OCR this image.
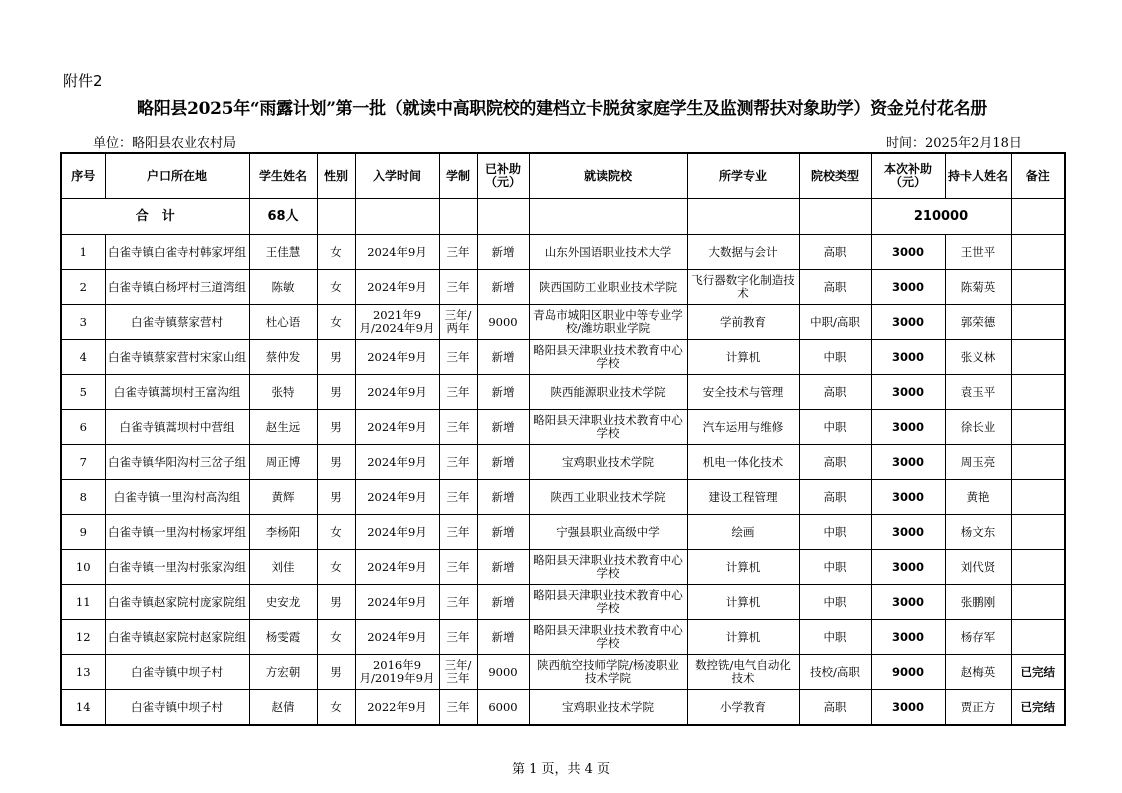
附件2
略阳县2025年“雨露计划”第一批（就读中高职院校的建档立卡脱贫家庭学生及监测帮扶对象助学）资金兑付花名册
单位：略阳县农业农村局	时间：2025年2月18日
序号	户口所在地	学生姓名	性别	入学时间	学制	已补助（元）	就读院校	所学专业	院校类型	本次补助（元）	持卡人姓名	备注
合　计		68人								210000		
1	白雀寺镇白雀寺村韩家坪组	王佳慧	女	2024年9月	三年	新增	山东外国语职业技术大学	大数据与会计	高职	3000	王世平	
2	白雀寺镇白杨坪村三道湾组	陈敏	女	2024年9月	三年	新增	陕西国防工业职业技术学院	飞行器数字化制造技术	高职	3000	陈菊英	
3	白雀寺镇蔡家营村	杜心语	女	2021年9月/2024年9月	三年/两年	9000	青岛市城阳区职业中等专业学校/潍坊职业学院	学前教育	中职/高职	3000	郭荣德	
4	白雀寺镇蔡家营村宋家山组	蔡仲发	男	2024年9月	三年	新增	略阳县天津职业技术教育中心学校	计算机	中职	3000	张义林	
5	白雀寺镇蒿坝村王富沟组	张特	男	2024年9月	三年	新增	陕西能源职业技术学院	安全技术与管理	高职	3000	袁玉平	
6	白雀寺镇蒿坝村中营组	赵生远	男	2024年9月	三年	新增	略阳县天津职业技术教育中心学校	汽车运用与维修	中职	3000	徐长业	
7	白雀寺镇华阳沟村三岔子组	周正博	男	2024年9月	三年	新增	宝鸡职业技术学院	机电一体化技术	高职	3000	周玉亮	
8	白雀寺镇一里沟村高沟组	黄辉	男	2024年9月	三年	新增	陕西工业职业技术学院	建设工程管理	高职	3000	黄艳	
9	白雀寺镇一里沟村杨家坪组	李杨阳	女	2024年9月	三年	新增	宁强县职业高级中学	绘画	中职	3000	杨文东	
10	白雀寺镇一里沟村张家沟组	刘佳	女	2024年9月	三年	新增	略阳县天津职业技术教育中心学校	计算机	中职	3000	刘代贤	
11	白雀寺镇赵家院村庞家院组	史安龙	男	2024年9月	三年	新增	略阳县天津职业技术教育中心学校	计算机	中职	3000	张鹏刚	
12	白雀寺镇赵家院村赵家院组	杨雯霞	女	2024年9月	三年	新增	略阳县天津职业技术教育中心学校	计算机	中职	3000	杨存军	
13	白雀寺镇中坝子村	方宏朝	男	2016年9月/2019年9月	三年/三年	9000	陕西航空技师学院/杨凌职业技术学院	数控铣/电气自动化技术	技校/高职	9000	赵梅英	已完结
14	白雀寺镇中坝子村	赵倩	女	2022年9月	三年	6000	宝鸡职业技术学院	小学教育	高职	3000	贾正方	已完结
第 1 页，共 4 页
